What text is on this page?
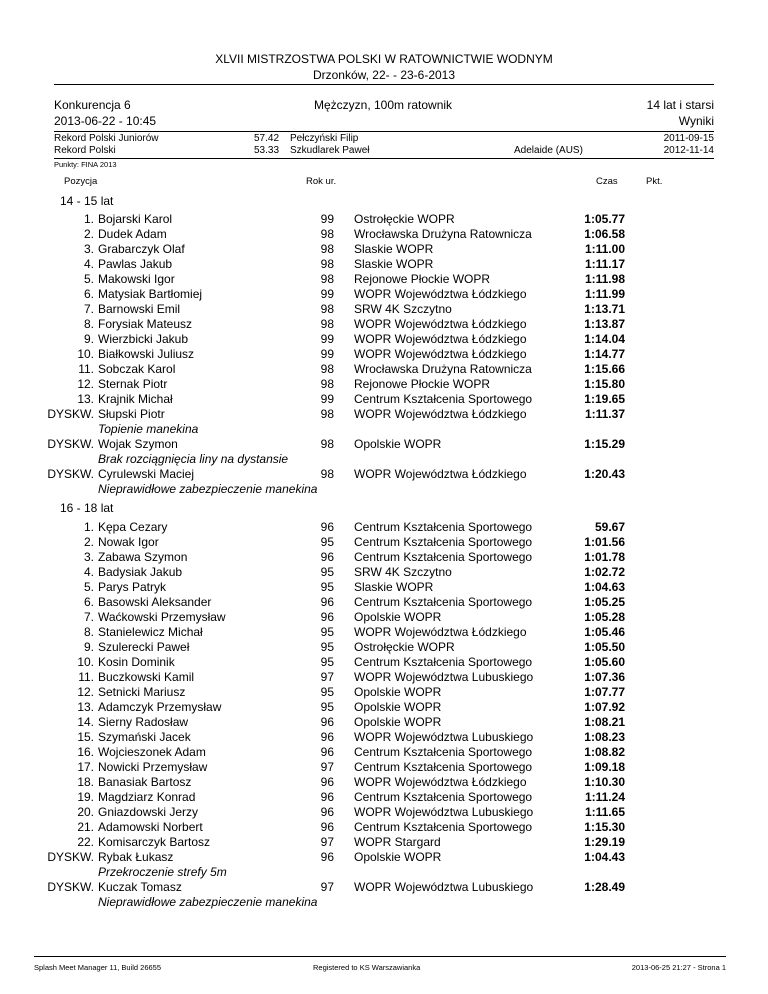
XLVII MISTRZOSTWA POLSKI W RATOWNICTWIE WODNYM
Drzonków, 22- - 23-6-2013
Konkurencja 6
2013-06-22 - 10:45
Mężczyzn, 100m ratownik	14 lat i starsi
Wyniki
Rekord Polski Juniorów	57.42 Pełczyński Filip	2011-09-15
Rekord Polski	53.33 Szkudlarek Paweł	Adelaide (AUS)	2012-11-14
Punkty: FINA 2013
Pozycja	Rok ur.	Czas	Pkt.
14 - 15 lat
1. Bojarski Karol	99 Ostrołęckie WOPR	1:05.77
2. Dudek Adam	98 Wrocławska Drużyna Ratownicza	1:06.58
3. Grabarczyk Olaf	98 Slaskie WOPR	1:11.00
4. Pawlas Jakub	98 Slaskie WOPR	1:11.17
5. Makowski Igor	98 Rejonowe Płockie WOPR	1:11.98
6. Matysiak Bartłomiej	99 WOPR Województwa Łódzkiego	1:11.99
7. Barnowski Emil	98 SRW 4K Szczytno	1:13.71
8. Forysiak Mateusz	98 WOPR Województwa Łódzkiego	1:13.87
9. Wierzbicki Jakub	99 WOPR Województwa Łódzkiego	1:14.04
10. Białkowski Juliusz	99 WOPR Województwa Łódzkiego	1:14.77
11. Sobczak Karol	98 Wrocławska Drużyna Ratownicza	1:15.66
12. Sternak Piotr	98 Rejonowe Płockie WOPR	1:15.80
13. Krajnik Michał	99 Centrum Kształcenia Sportowego	1:19.65
DYSKW. Słupski Piotr	98 WOPR Województwa Łódzkiego	1:11.37
Topienie manekina
DYSKW. Wojak Szymon	98 Opolskie WOPR	1:15.29
Brak rozciągnięcia liny na dystansie
DYSKW. Cyrulewski Maciej	98 WOPR Województwa Łódzkiego	1:20.43
Nieprawidłowe zabezpieczenie manekina
16 - 18 lat
1. Kępa Cezary	96 Centrum Kształcenia Sportowego	59.67
2. Nowak Igor	95 Centrum Kształcenia Sportowego	1:01.56
3. Zabawa Szymon	96 Centrum Kształcenia Sportowego	1:01.78
4. Badysiak Jakub	95 SRW 4K Szczytno	1:02.72
5. Parys Patryk	95 Slaskie WOPR	1:04.63
6. Basowski Aleksander	96 Centrum Kształcenia Sportowego	1:05.25
7. Waćkowski Przemysław	96 Opolskie WOPR	1:05.28
8. Stanielewicz Michał	95 WOPR Województwa Łódzkiego	1:05.46
9. Szulerecki Paweł	95 Ostrołęckie WOPR	1:05.50
10. Kosin Dominik	95 Centrum Kształcenia Sportowego	1:05.60
11. Buczkowski Kamil	97 WOPR Województwa Lubuskiego	1:07.36
12. Setnicki Mariusz	95 Opolskie WOPR	1:07.77
13. Adamczyk Przemysław	95 Opolskie WOPR	1:07.92
14. Sierny Radosław	96 Opolskie WOPR	1:08.21
15. Szymański Jacek	96 WOPR Województwa Lubuskiego	1:08.23
16. Wojcieszonek Adam	96 Centrum Kształcenia Sportowego	1:08.82
17. Nowicki Przemysław	97 Centrum Kształcenia Sportowego	1:09.18
18. Banasiak Bartosz	96 WOPR Województwa Łódzkiego	1:10.30
19. Magdziarz Konrad	96 Centrum Kształcenia Sportowego	1:11.24
20. Gniazdowski Jerzy	96 WOPR Województwa Lubuskiego	1:11.65
21. Adamowski Norbert	96 Centrum Kształcenia Sportowego	1:15.30
22. Komisarczyk Bartosz	97 WOPR Stargard	1:29.19
DYSKW. Rybak Łukasz	96 Opolskie WOPR	1:04.43
Przekroczenie strefy 5m
DYSKW. Kuczak Tomasz	97 WOPR Województwa Lubuskiego	1:28.49
Nieprawidłowe zabezpieczenie manekina
Splash Meet Manager 11, Build 26655	Registered to KS Warszawianka	2013-06-25 21:27 - Strona 1
